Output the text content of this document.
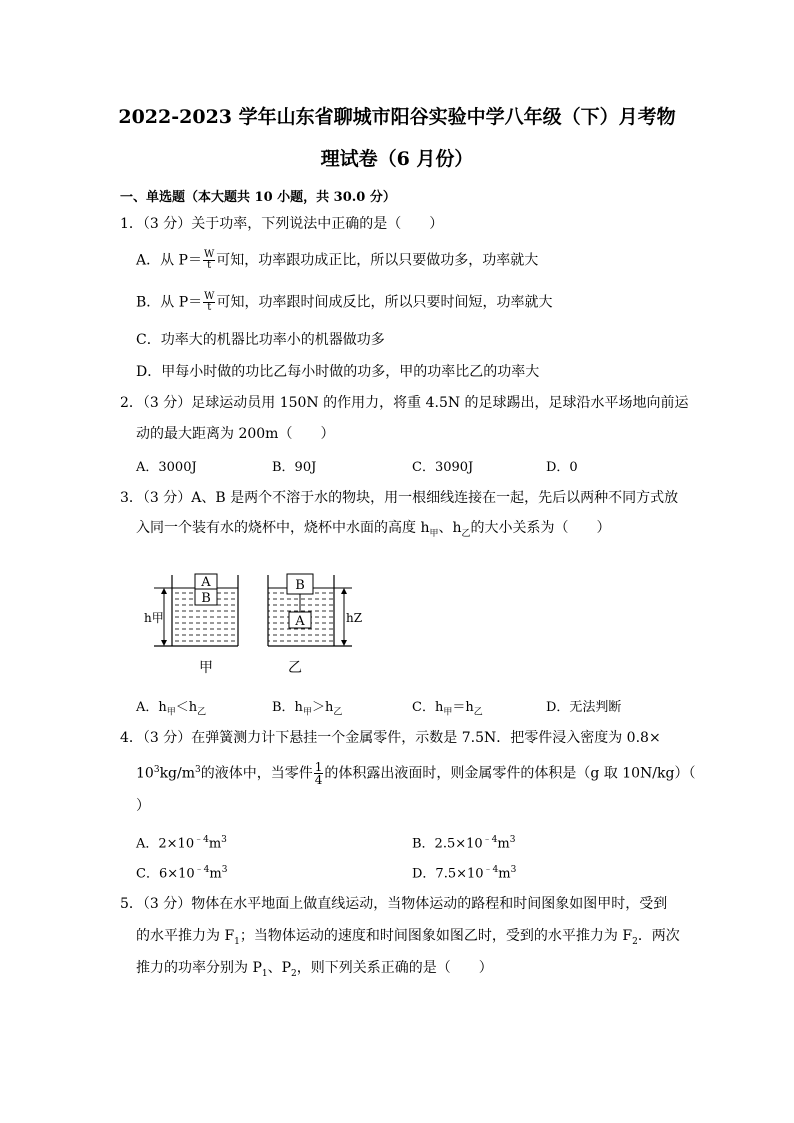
2022-2023 学年山东省聊城市阳谷实验中学八年级（下）月考物
理试卷（6 月份）
一、单选题（本大题共 10 小题，共 30.0 分）
1．（3 分）关于功率，下列说法中正确的是（　　）
A．从 $P= \frac{W}{t}$ 可知，功率跟功成正比，所以只要做功多，功率就大
B．从 $P= \frac{W}{t}$ 可知，功率跟时间成反比，所以只要时间短，功率就大
C．功率大的机器比功率小的机器做功多
D．甲每小时做的功比乙每小时做的功多，甲的功率比乙的功率大
2．（3 分）足球运动员用 150N 的作用力，将重 4.5N 的足球踢出，足球沿水平场地向前运
动的最大距离为 200m（　　）
A．3000J	B．90J	C．3090J	D．0
3．（3 分）A、B 是两个不溶于水的物块，用一根细线连接在一起，先后以两种不同方式放
入同一个装有水的烧杯中，烧杯中水面的高度 $h_甲$、$h_乙$的大小关系为（　　）
A
B
h甲
甲
B
A	hZ
乙
A．$h_甲<h_乙$	B．$h_甲>h_乙$	C．$h_甲=h_乙$	D．无法判断
4．（3 分）在弹簧测力计下悬挂一个金属零件，示数是 7.5N．把零件浸入密度为 0.8×
$10^3kg/m^3$的液体中，当零件 $\frac{1}{4}$ 的体积露出液面时，则金属零件的体积是（g 取 10N/kg）（
）
A．$2\times 10^{﹣4}m^3$	B．$2.5\times 10^{﹣4}m^3$
C．$6\times 10^{﹣4}m^3$	D．$7.5\times 10^{﹣4}m^3$
5．（3 分）物体在水平地面上做直线运动，当物体运动的路程和时间图象如图甲时，受到
的水平推力为 $F_1$；当物体运动的速度和时间图象如图乙时，受到的水平推力为 $F_2$．两次
推力的功率分别为 $P_1$、$P_2$，则下列关系正确的是（　　）
